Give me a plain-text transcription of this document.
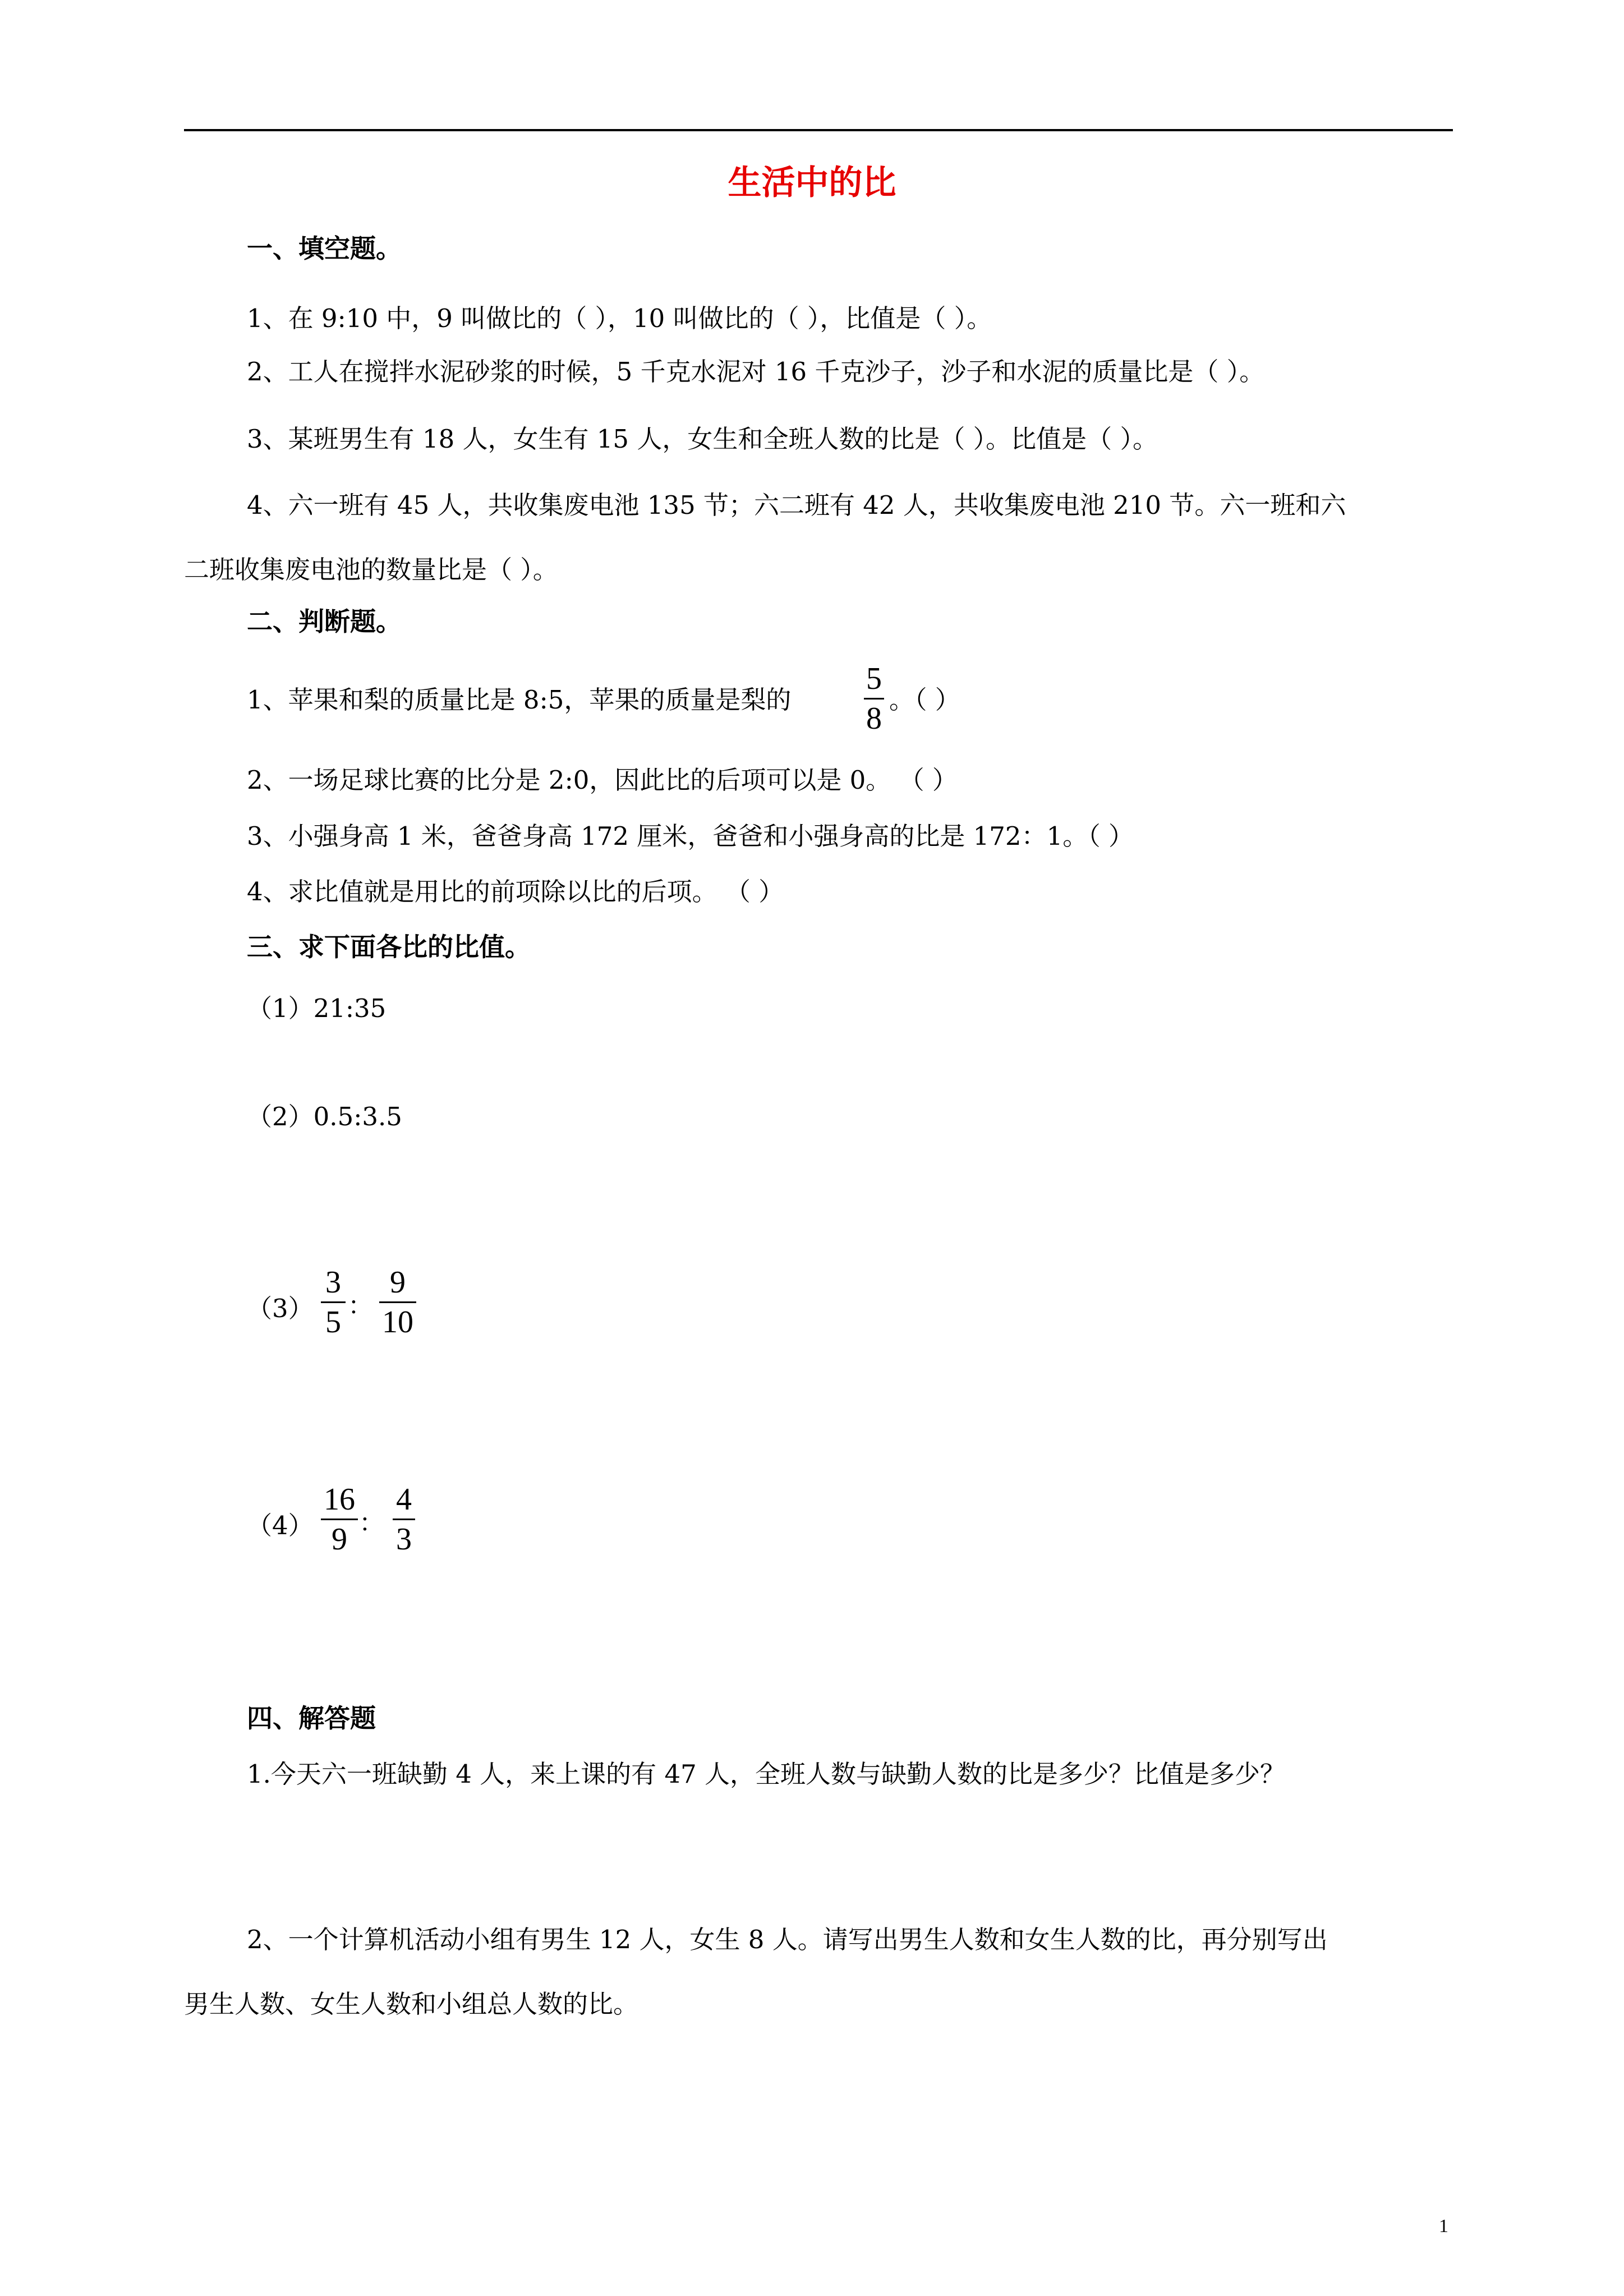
生活中的比
一、填空题。
1、在 9:10 中，9 叫做比的（ ），10 叫做比的（ ），比值是（ ）。
2、工人在搅拌水泥砂浆的时候，5 千克水泥对 16 千克沙子，沙子和水泥的质量比是（ ）。
3、某班男生有 18 人，女生有 15 人，女生和全班人数的比是（ ）。比值是（ ）。
4、六一班有 45 人，共收集废电池 135 节；六二班有 42 人，共收集废电池 210 节。六一班和六
二班收集废电池的数量比是（ ）。
二、判断题。
1、苹果和梨的质量比是 8:5，苹果的质量是梨的
5
8
。（ ）
2、一场足球比赛的比分是 2:0，因此比的后项可以是 0。 （ ）
3、小强身高 1 米，爸爸身高 172 厘米，爸爸和小强身高的比是 172：1。（ ）
4、求比值就是用比的前项除以比的后项。 （ ）
三、求下面各比的比值。
（1）21:35
（2）0.5:3.5
（3）
3
5 ：
9
10
（4）
16
9 ：
4
3
四、解答题
1.今天六一班缺勤 4 人，来上课的有 47 人，全班人数与缺勤人数的比是多少？比值是多少？
2、一个计算机活动小组有男生 12 人，女生 8 人。请写出男生人数和女生人数的比，再分别写出
男生人数、女生人数和小组总人数的比。
1
